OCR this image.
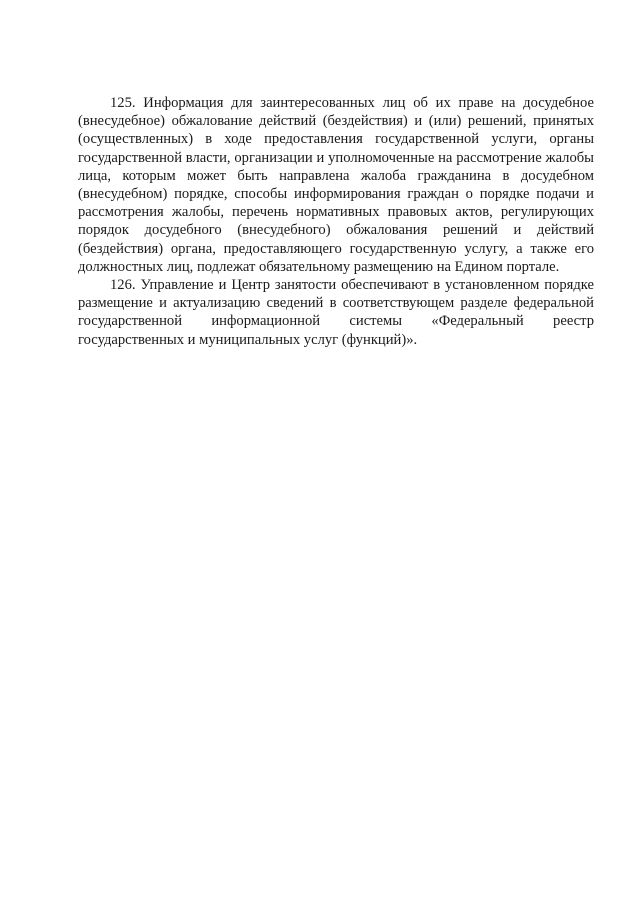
125. Информация для заинтересованных лиц об их праве на досудебное (внесудебное) обжалование действий (бездействия) и (или) решений, принятых (осуществленных) в ходе предоставления государственной услуги, органы государственной власти, организации и уполномоченные на рассмотрение жалобы лица, которым может быть направлена жалоба гражданина в досудебном (внесудебном) порядке, способы информирования граждан о порядке подачи и рассмотрения жалобы, перечень нормативных правовых актов, регулирующих порядок досудебного (внесудебного) обжалования решений и действий (бездействия) органа, предоставляющего государственную услугу, а также его должностных лиц, подлежат обязательному размещению на Едином портале.

126. Управление и Центр занятости обеспечивают в установленном порядке размещение и актуализацию сведений в соответствующем разделе федеральной государственной информационной системы «Федеральный реестр государственных и муниципальных услуг (функций)».
